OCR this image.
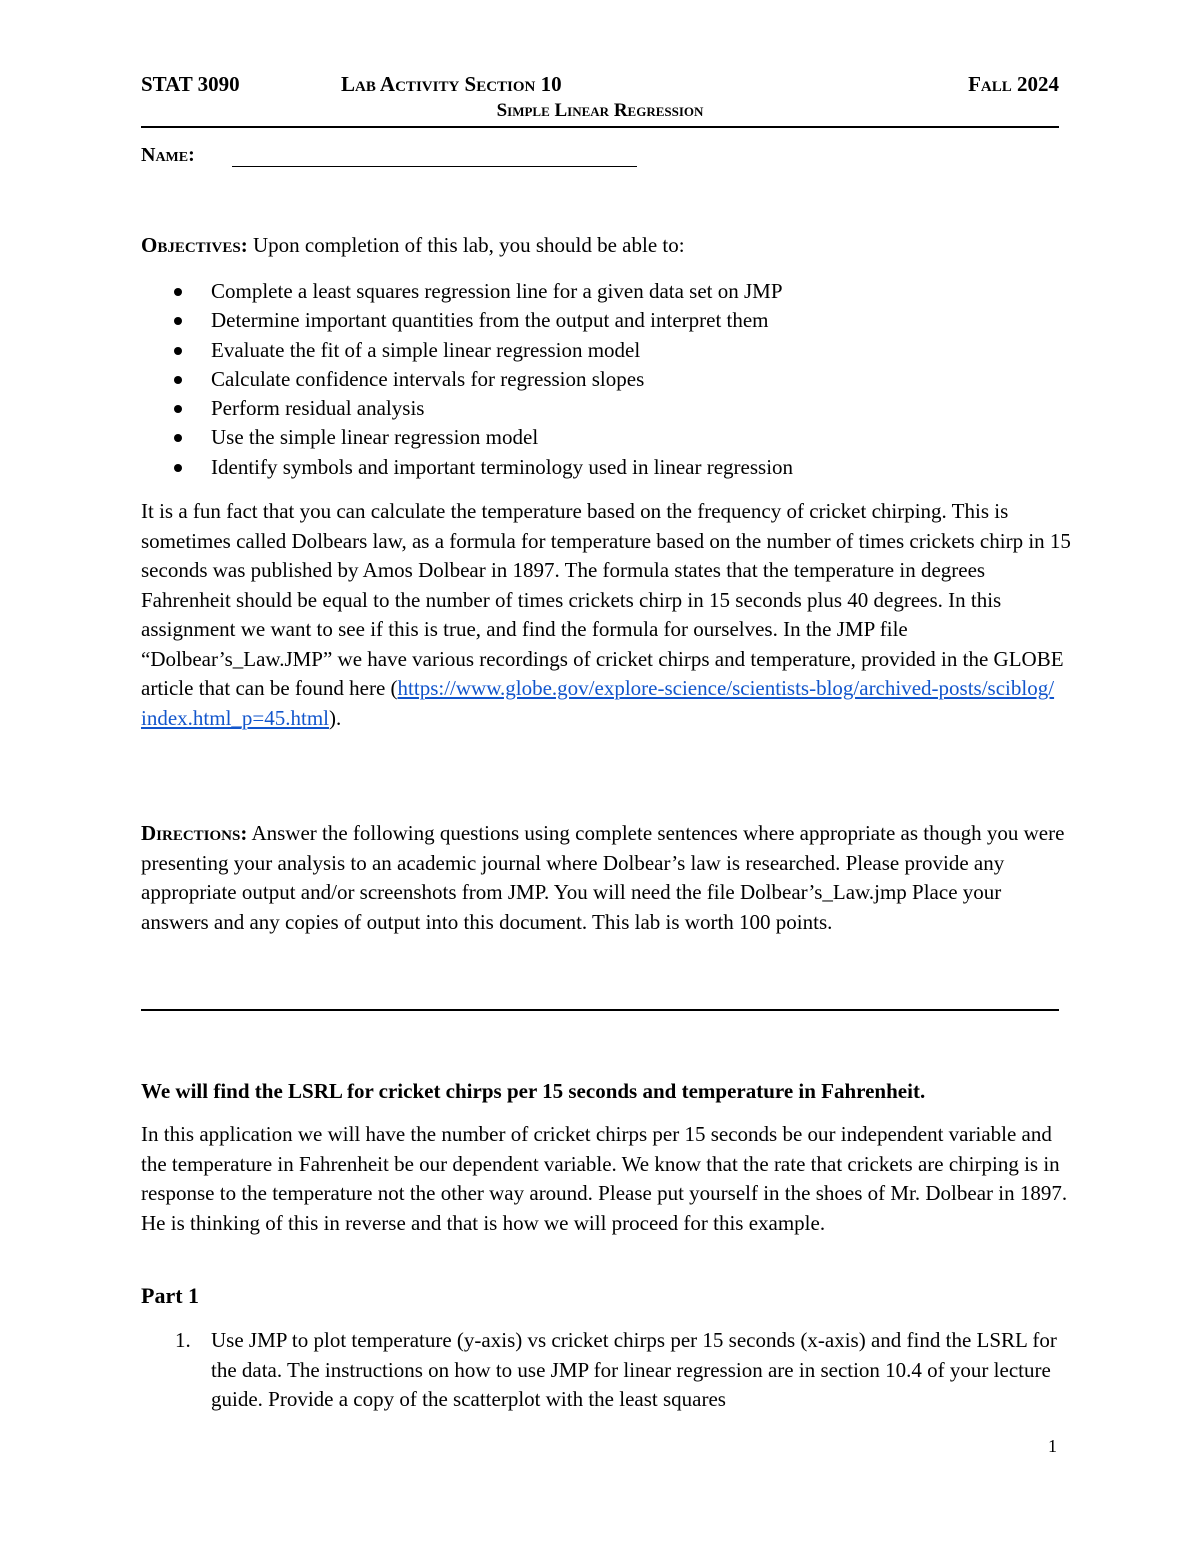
STAT 3090	Lab Activity Section 10	Fall 2024
Simple Linear Regression
Name:
Objectives: Upon completion of this lab, you should be able to:
Complete a least squares regression line for a given data set on JMP
Determine important quantities from the output and interpret them
Evaluate the fit of a simple linear regression model
Calculate confidence intervals for regression slopes
Perform residual analysis
Use the simple linear regression model
Identify symbols and important terminology used in linear regression
It is a fun fact that you can calculate the temperature based on the frequency of cricket chirping. This is sometimes called Dolbears law, as a formula for temperature based on the number of times crickets chirp in 15 seconds was published by Amos Dolbear in 1897. The formula states that the temperature in degrees Fahrenheit should be equal to the number of times crickets chirp in 15 seconds plus 40 degrees. In this assignment we want to see if this is true, and find the formula for ourselves. In the JMP file “Dolbear’s_Law.JMP” we have various recordings of cricket chirps and temperature, provided in the GLOBE article that can be found here (https://www.globe.gov/explore-science/scientists-blog/archived-posts/sciblog/
index.html_p=45.html).
Directions: Answer the following questions using complete sentences where appropriate as though you were presenting your analysis to an academic journal where Dolbear’s law is researched. Please provide any appropriate output and/or screenshots from JMP. You will need the file Dolbear’s_Law.jmp Place your answers and any copies of output into this document. This lab is worth 100 points.
We will find the LSRL for cricket chirps per 15 seconds and temperature in Fahrenheit.
In this application we will have the number of cricket chirps per 15 seconds be our independent variable and the temperature in Fahrenheit be our dependent variable. We know that the rate that crickets are chirping is in response to the temperature not the other way around. Please put yourself in the shoes of Mr. Dolbear in 1897. He is thinking of this in reverse and that is how we will proceed for this example.
Part 1
1. Use JMP to plot temperature (y-axis) vs cricket chirps per 15 seconds (x-axis) and find the LSRL for the data. The instructions on how to use JMP for linear regression are in section 10.4 of your lecture guide. Provide a copy of the scatterplot with the least squares
1
